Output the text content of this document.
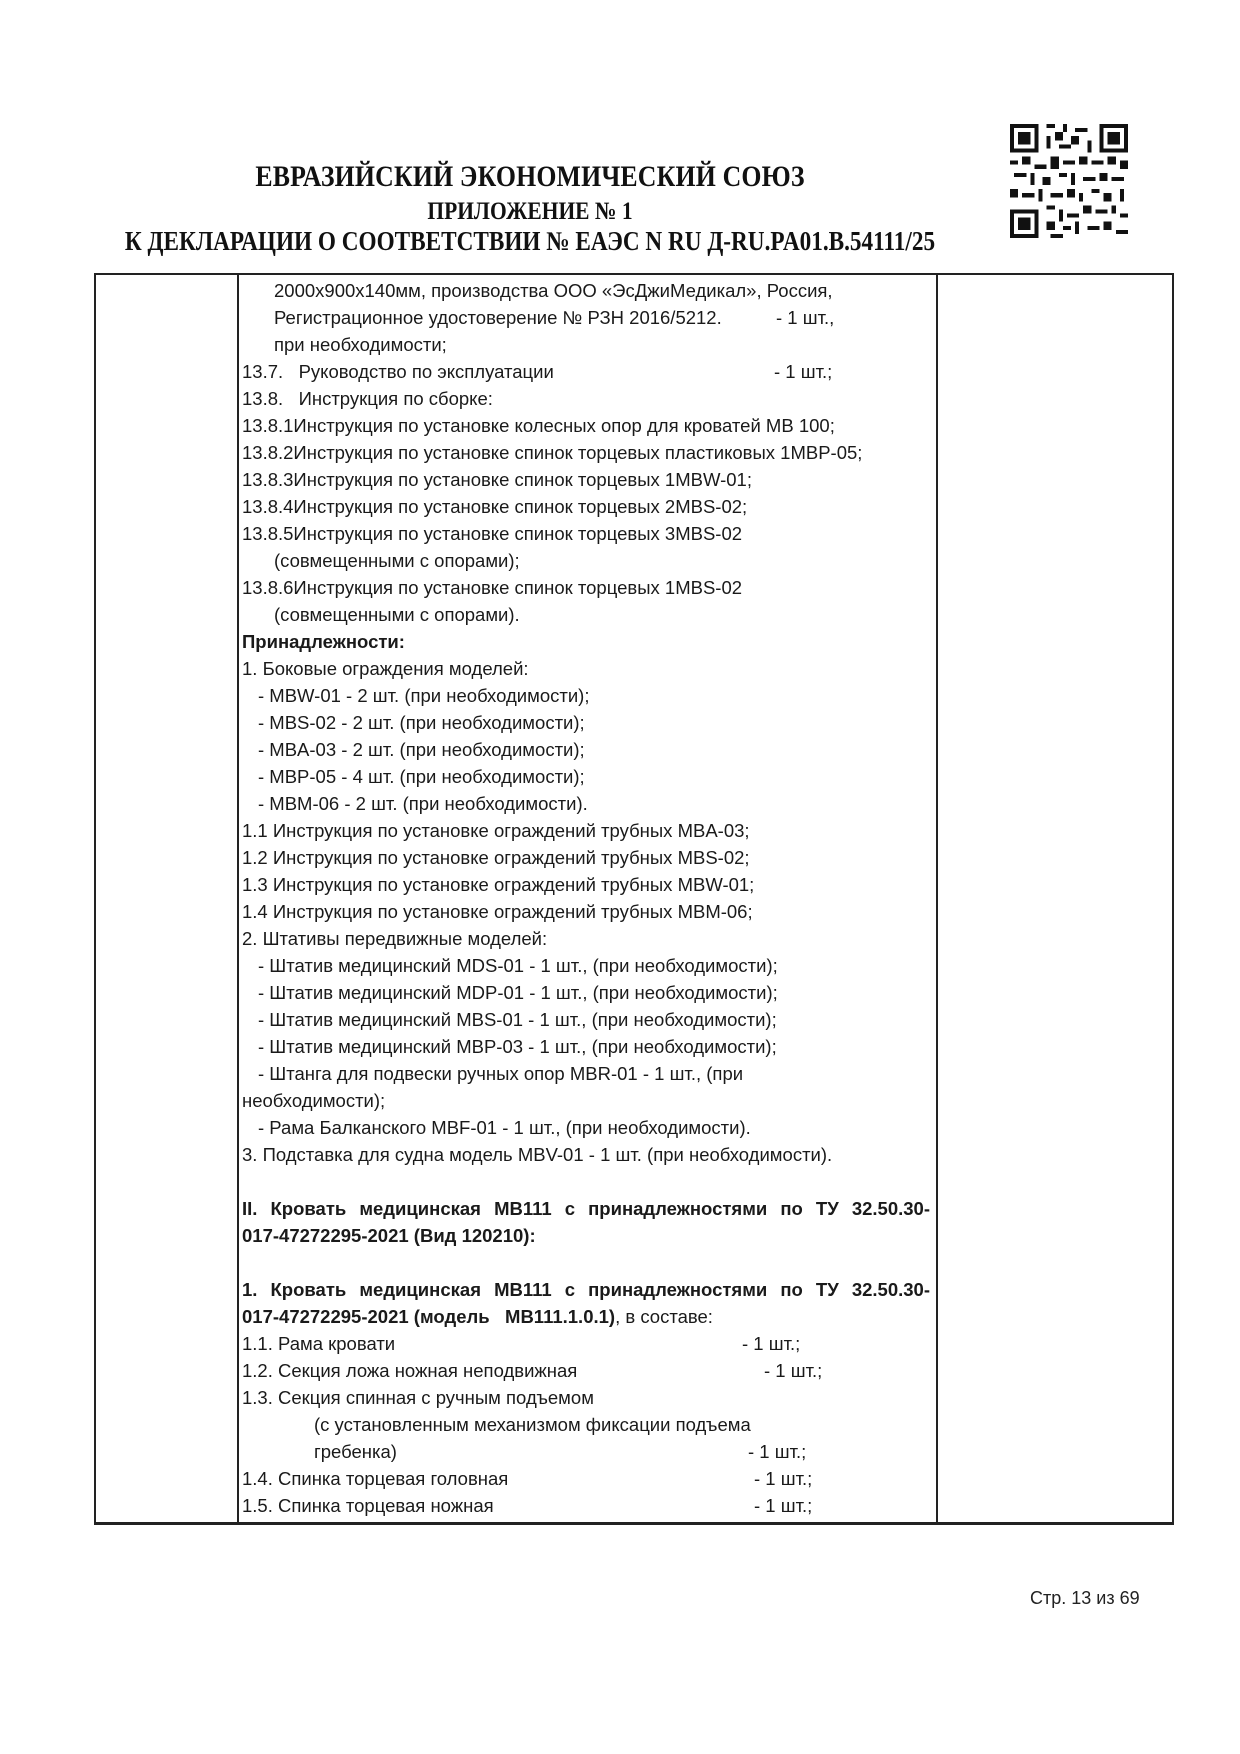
ЕВРАЗИЙСКИЙ ЭКОНОМИЧЕСКИЙ СОЮЗ
ПРИЛОЖЕНИЕ № 1
К ДЕКЛАРАЦИИ О СООТВЕТСТВИИ № ЕАЭС N RU Д-RU.PA01.B.54111/25
2000х900х140мм, производства ООО «ЭсДжиМедикал», Россия,
Регистрационное удостоверение № РЗН 2016/5212.	- 1 шт.,
при необходимости;
13.7.   Руководство по эксплуатации	- 1 шт.;
13.8.   Инструкция по сборке:
13.8.1Инструкция по установке колесных опор для кроватей МВ 100;
13.8.2Инструкция по установке спинок торцевых пластиковых 1MBP-05;
13.8.3Инструкция по установке спинок торцевых 1MBW-01;
13.8.4Инструкция по установке спинок торцевых 2MBS-02;
13.8.5Инструкция по установке спинок торцевых 3MBS-02
(совмещенными с опорами);
13.8.6Инструкция по установке спинок торцевых 1MBS-02
(совмещенными с опорами).
Принадлежности:
1. Боковые ограждения моделей:
- MBW-01 - 2 шт. (при необходимости);
- MBS-02 - 2 шт. (при необходимости);
- MBA-03 - 2 шт. (при необходимости);
- MBP-05 - 4 шт. (при необходимости);
- MBM-06 - 2 шт. (при необходимости).
1.1 Инструкция по установке ограждений трубных MBA-03;
1.2 Инструкция по установке ограждений трубных MBS-02;
1.3 Инструкция по установке ограждений трубных MBW-01;
1.4 Инструкция по установке ограждений трубных MBM-06;
2. Штативы передвижные моделей:
- Штатив медицинский MDS-01 - 1 шт., (при необходимости);
- Штатив медицинский MDP-01 - 1 шт., (при необходимости);
- Штатив медицинский MBS-01 - 1 шт., (при необходимости);
- Штатив медицинский MBP-03 - 1 шт., (при необходимости);
- Штанга для подвески ручных опор MBR-01 - 1 шт., (при
необходимости);
- Рама Балканского MBF-01 - 1 шт., (при необходимости).
3. Подставка для судна модель MBV-01 - 1 шт. (при необходимости).
II. Кровать медицинская МВ111 с принадлежностями по ТУ 32.50.30-
017-47272295-2021 (Вид 120210):
1. Кровать медицинская МВ111 с принадлежностями по ТУ 32.50.30-
017-47272295-2021 (модель   МВ111.1.0.1), в составе:
1.1. Рама кровати	- 1 шт.;
1.2. Секция ложа ножная неподвижная	- 1 шт.;
1.3. Секция спинная с ручным подъемом
(с установленным механизмом фиксации подъема
гребенка)	- 1 шт.;
1.4. Спинка торцевая головная	- 1 шт.;
1.5. Спинка торцевая ножная	- 1 шт.;
Стр. 13 из 69
